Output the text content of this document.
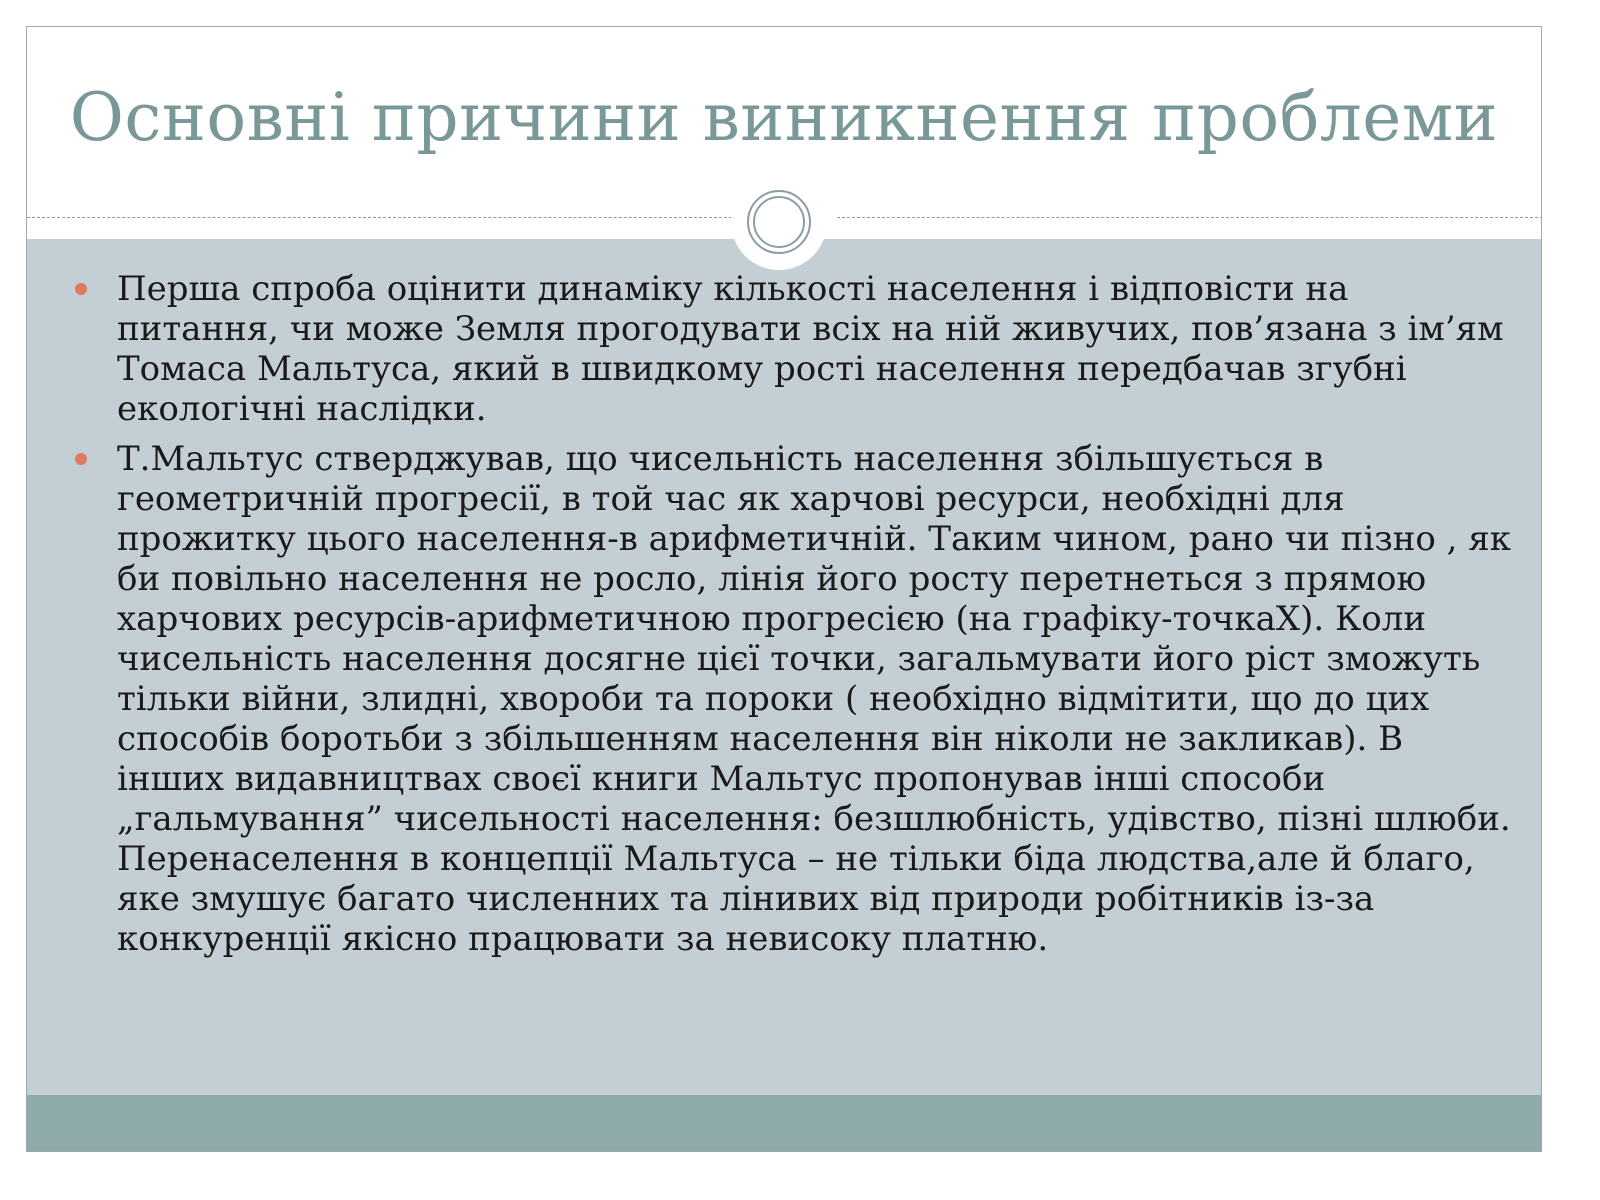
Основні причини виникнення проблеми
Перша спроба оцінити динаміку кількості населення і відповісти на питання, чи може Земля прогодувати всіх на ній живучих, пов’язана з ім’ям Томаса Мальтуса, який в швидкому рості населення передбачав згубні екологічні наслідки.
Т.Мальтус стверджував, що чисельність населення збільшується в геометричній прогресії, в той час як харчові ресурси, необхідні для прожитку цього населення-в арифметичній. Таким чином, рано чи пізно , як би повільно населення не росло, лінія його росту перетнеться з прямою харчових ресурсів-арифметичною прогресією (на графіку-точкаX). Коли чисельність населення досягне цієї точки, загальмувати його ріст зможуть тільки війни, злидні, хвороби та пороки ( необхідно відмітити, що до цих способів боротьби з збільшенням населення він ніколи не закликав). В інших видавництвах своєї книги Мальтус пропонував інші способи „гальмування” чисельності населення: безшлюбність, удівство, пізні шлюби. Перенаселення в концепції Мальтуса – не тільки біда людства,але й благо, яке змушує багато численних та лінивих від природи робітників із-за конкуренції якісно працювати за невисоку платню.
